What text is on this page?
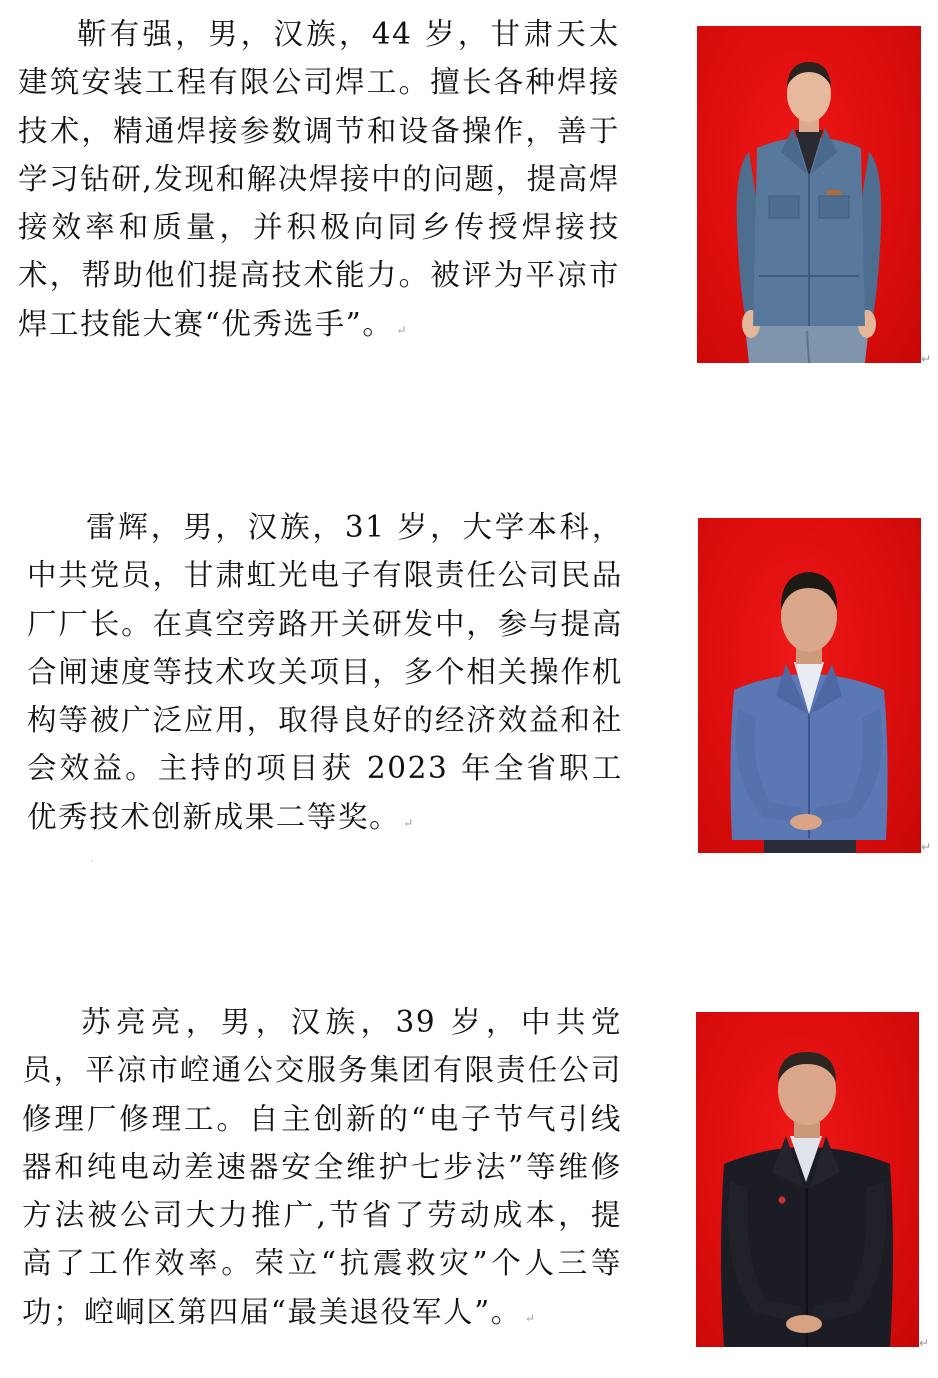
靳有强，男，汉族，44 岁，甘肃天太建筑安装工程有限公司焊工。擅长各种焊接技术，精通焊接参数调节和设备操作，善于学习钻研,发现和解决焊接中的问题，提高焊接效率和质量，并积极向同乡传授焊接技术，帮助他们提高技术能力。被评为平凉市焊工技能大赛“优秀选手”。 ↵

↵

雷辉，男，汉族，31 岁，大学本科，中共党员，甘肃虹光电子有限责任公司民品厂厂长。在真空旁路开关研发中，参与提高合闸速度等技术攻关项目，多个相关操作机构等被广泛应用，取得良好的经济效益和社会效益。主持的项目获 2023 年全省职工优秀技术创新成果二等奖。 ↵

⸱
↵

苏亮亮，男，汉族，39 岁，中共党员，平凉市崆通公交服务集团有限责任公司修理厂修理工。自主创新的“电子节气引线器和纯电动差速器安全维护七步法”等维修方法被公司大力推广,节省了劳动成本，提高了工作效率。荣立“抗震救灾”个人三等功；崆峒区第四届“最美退役军人”。 ↵

↵
